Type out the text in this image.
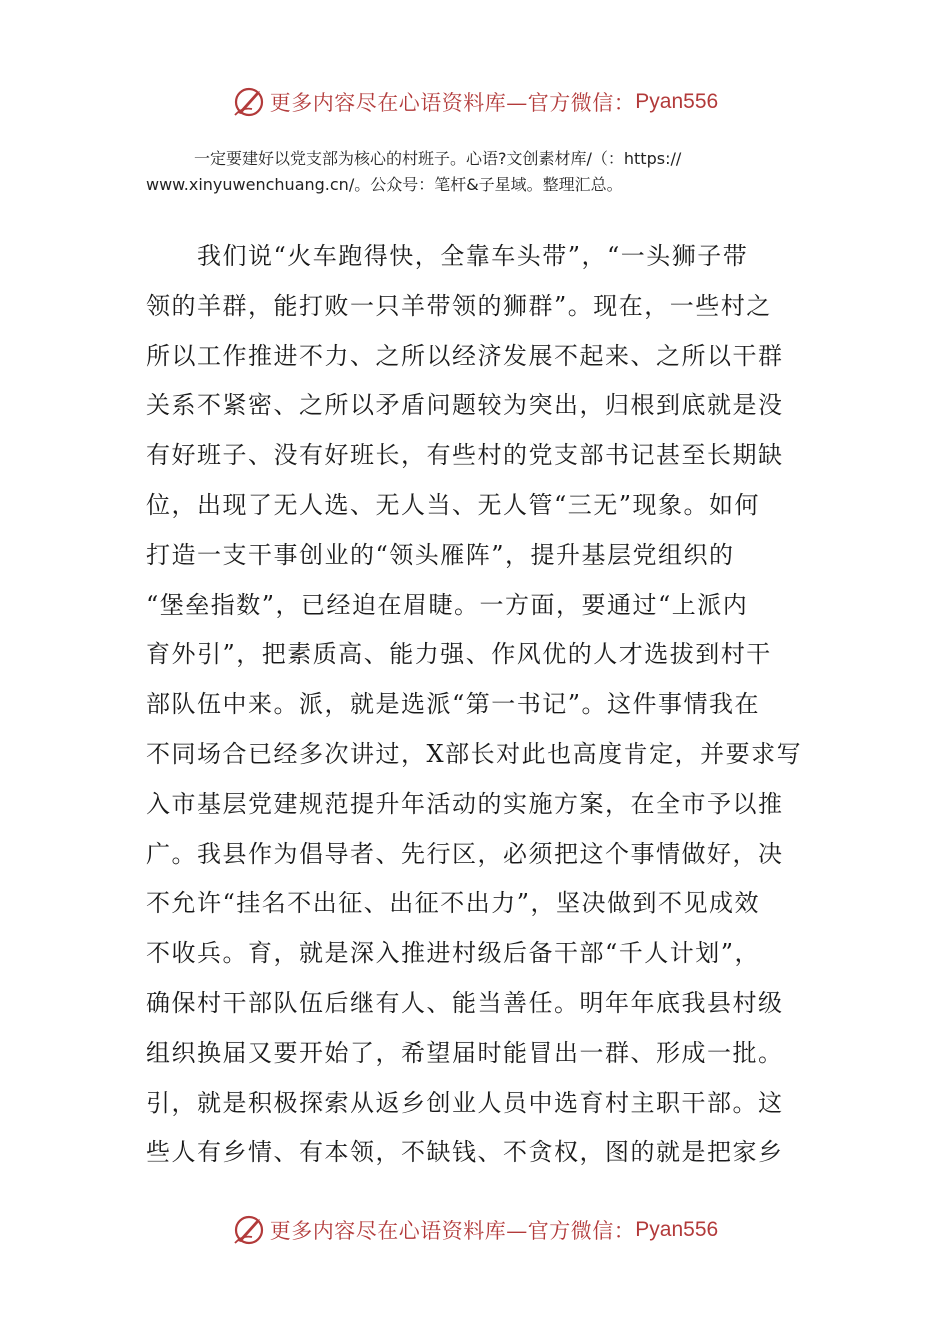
更多内容尽在心语资料库—官方微信： Pyan556
一定要建好以党支部为核心的村班子。心语?文创素材库/（：https://
www.xinyuwenchuang.cn/。公众号：笔杆&子星域。整理汇总。
　　我们说“火车跑得快，全靠车头带”，“一头狮子带
领的羊群，能打败一只羊带领的狮群”。现在，一些村之
所以工作推进不力、之所以经济发展不起来、之所以干群
关系不紧密、之所以矛盾问题较为突出，归根到底就是没
有好班子、没有好班长，有些村的党支部书记甚至长期缺
位，出现了无人选、无人当、无人管“三无”现象。如何
打造一支干事创业的“领头雁阵”，提升基层党组织的
“堡垒指数”，已经迫在眉睫。一方面，要通过“上派内
育外引”，把素质高、能力强、作风优的人才选拔到村干
部队伍中来。派，就是选派“第一书记”。这件事情我在
不同场合已经多次讲过，X部长对此也高度肯定，并要求写
入市基层党建规范提升年活动的实施方案，在全市予以推
广。我县作为倡导者、先行区，必须把这个事情做好，决
不允许“挂名不出征、出征不出力”，坚决做到不见成效
不收兵。育，就是深入推进村级后备干部“千人计划”，
确保村干部队伍后继有人、能当善任。明年年底我县村级
组织换届又要开始了，希望届时能冒出一群、形成一批。
引，就是积极探索从返乡创业人员中选育村主职干部。这
些人有乡情、有本领，不缺钱、不贪权，图的就是把家乡
更多内容尽在心语资料库—官方微信： Pyan556
